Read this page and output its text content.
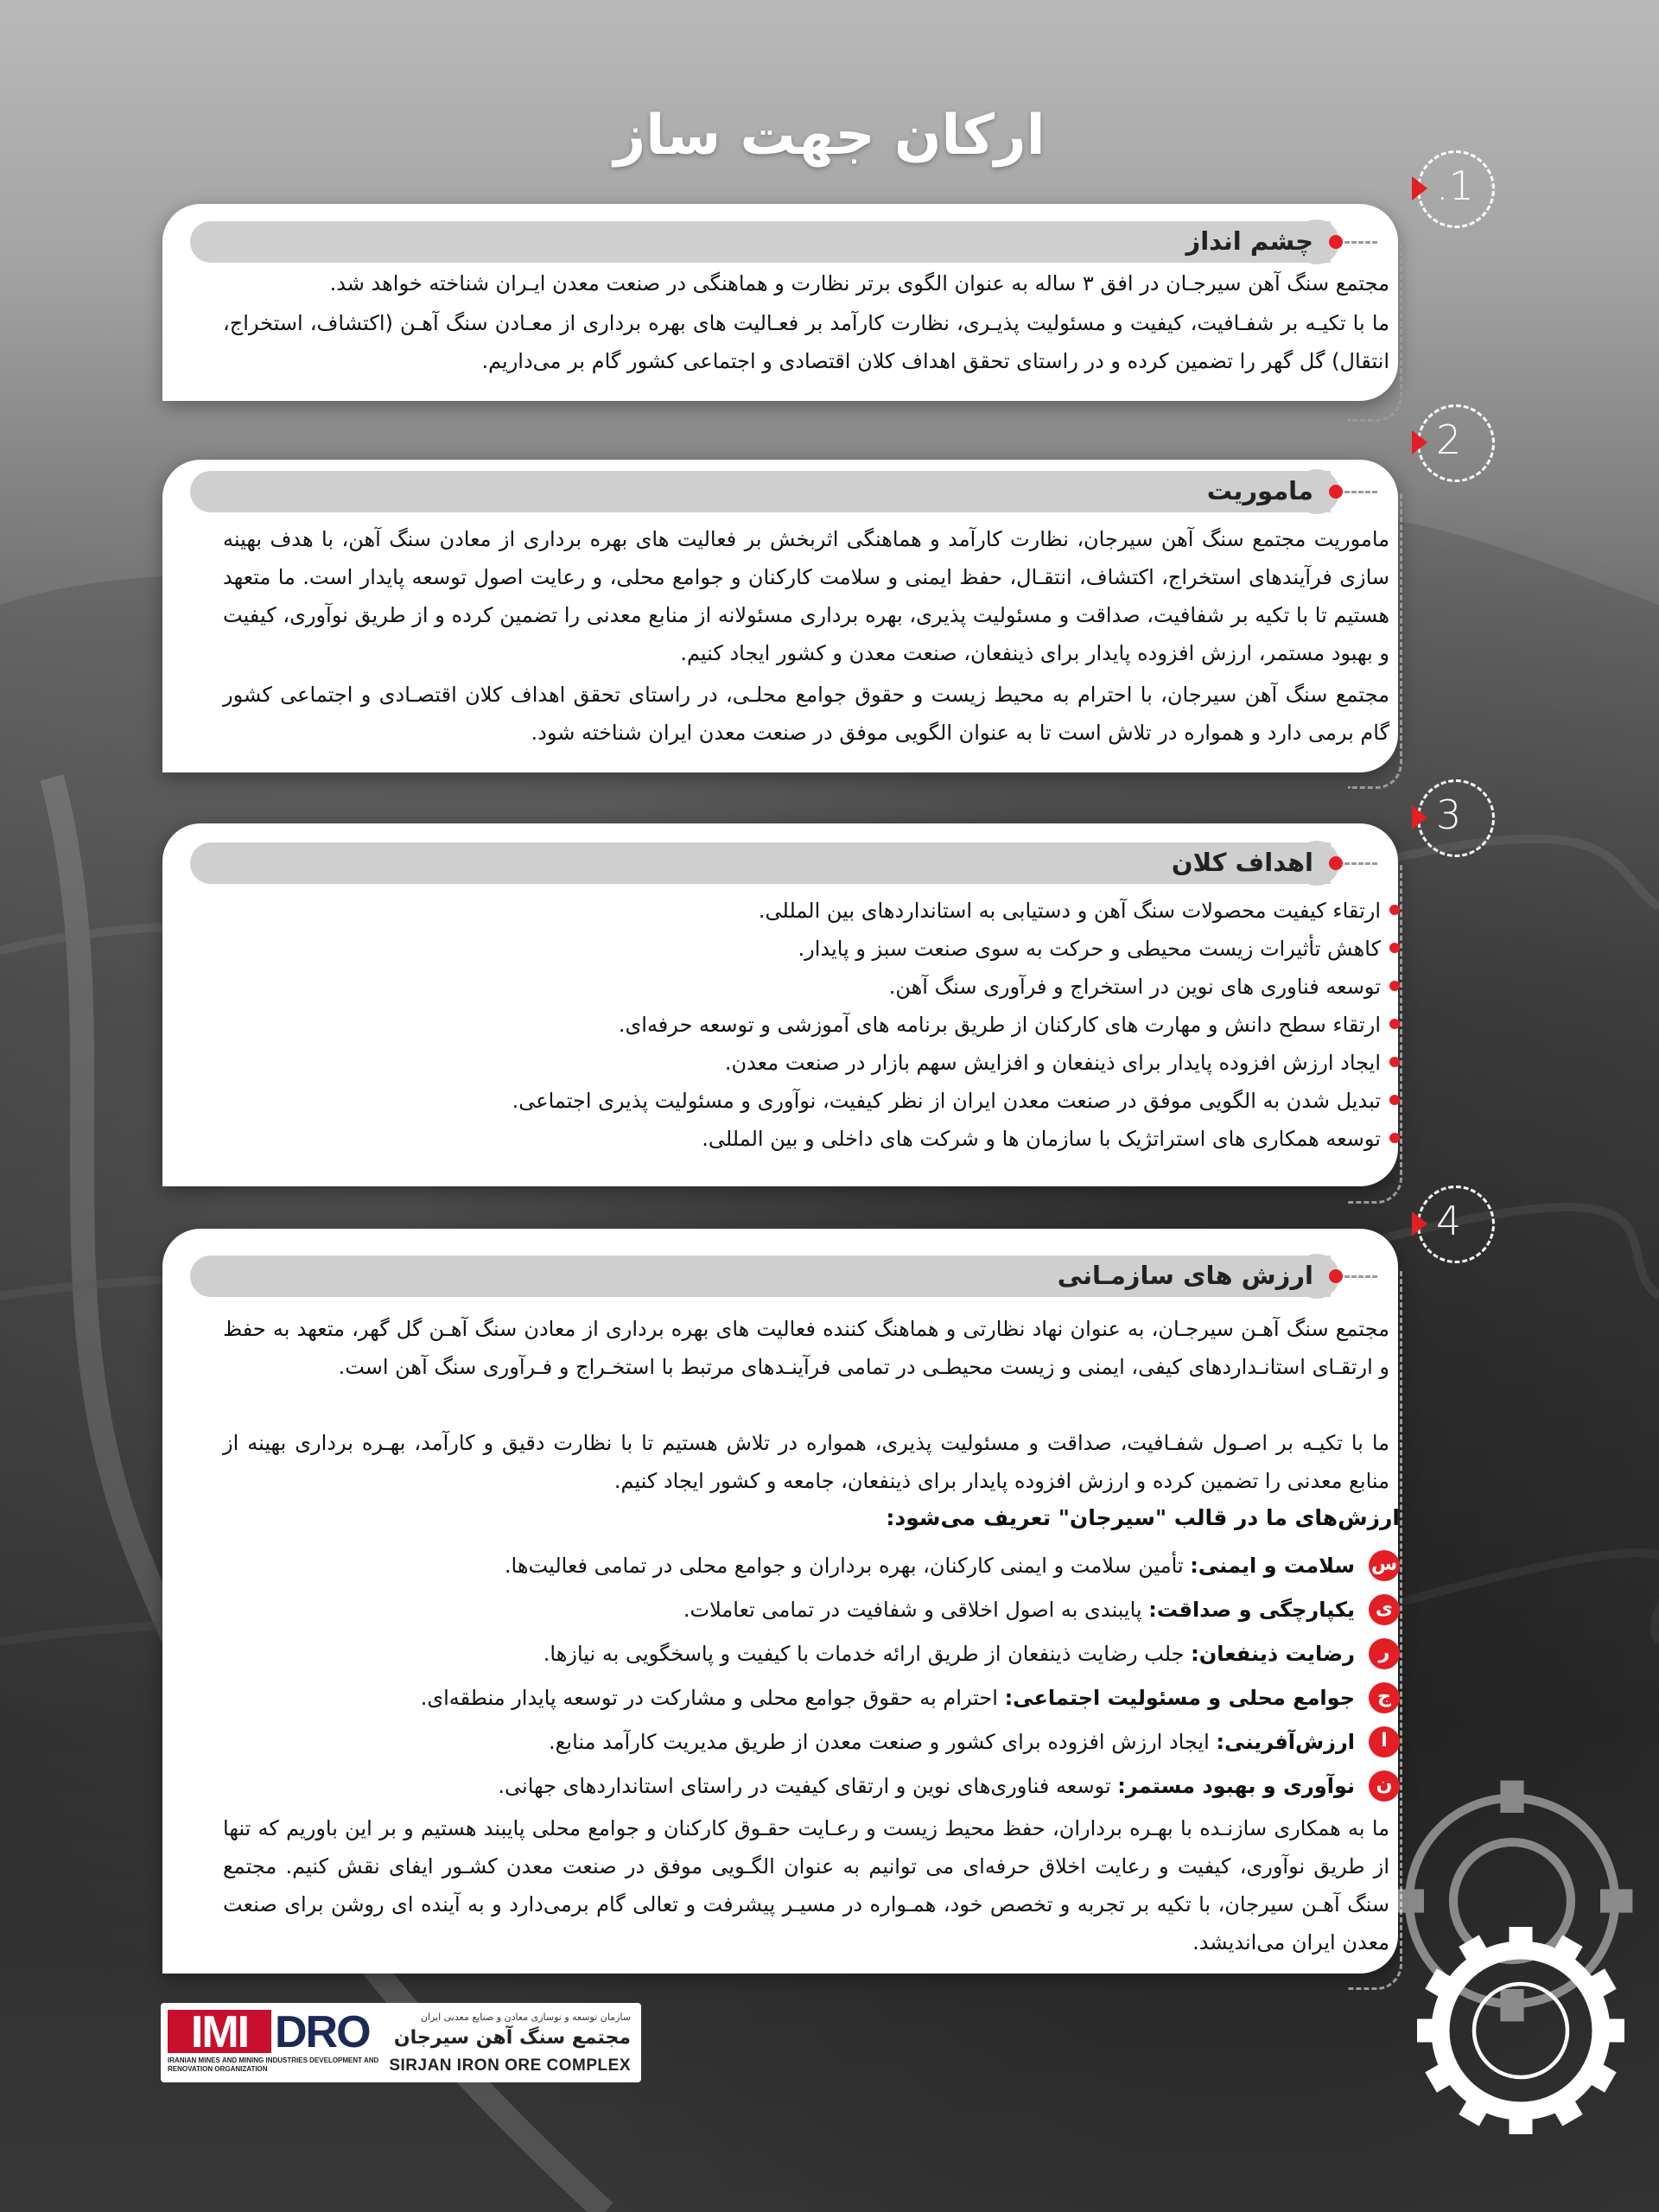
ارکان جهت ساز
.1
چشم انداز

مجتمع سنگ آهن سیرجـان در افق ۳ ساله به عنوان الگوی برتر نظارت و هماهنگی در صنعت معدن ایـران شناخته خواهد شد.

ما با تکیـه بر شفـافیت، کیفیت و مسئولیت پذیـری، نظارت کارآمد بر فعـالیت های بهره برداری از معـادن سنگ آهـن (اکتشاف، استخراج، انتقال) گل گهر را تضمین کرده و در راستای تحقق اهداف کلان اقتصادی و اجتماعی کشور گام بر می‌داریم.

2
ماموریت

ماموریت مجتمع سنگ آهن سیرجان، نظارت کارآمد و هماهنگی اثربخش بر فعالیت های بهره برداری از معادن سنگ آهن، با هدف بهینه سازی فرآیندهای استخراج، اکتشاف، انتقـال، حفظ ایمنی و سلامت کارکنان و جوامع محلی، و رعایت اصول توسعه پایدار است. ما متعهد هستیم تا با تکیه بر شفافیت، صداقت و مسئولیت پذیری، بهره برداری مسئولانه از منابع معدنی را تضمین کرده و از طریق نوآوری، کیفیت و بهبود مستمر، ارزش افزوده پایدار برای ذینفعان، صنعت معدن و کشور ایجاد کنیم.

مجتمع سنگ آهن سیرجان، با احترام به محیط زیست و حقوق جوامع محلـی، در راستای تحقق اهداف کلان اقتصـادی و اجتماعی کشور گام برمی دارد و همواره در تلاش است تا به عنوان الگویی موفق در صنعت معدن ایران شناخته شود.

3
اهداف کلان
ارتقاء کیفیت محصولات سنگ آهن و دستیابی به استانداردهای بین المللی.
کاهش تأثیرات زیست محیطی و حرکت به سوی صنعت سبز و پایدار.
توسعه فناوری های نوین در استخراج و فرآوری سنگ آهن.
ارتقاء سطح دانش و مهارت های کارکنان از طریق برنامه های آموزشی و توسعه حرفه‌ای.
ایجاد ارزش افزوده پایدار برای ذینفعان و افزایش سهم بازار در صنعت معدن.
تبدیل شدن به الگویی موفق در صنعت معدن ایران از نظر کیفیت، نوآوری و مسئولیت پذیری اجتماعی.
توسعه همکاری های استراتژیک با سازمان ها و شرکت های داخلی و بین المللی.
4
ارزش های سازمـانی

مجتمع سنگ آهـن سیرجـان، به عنوان نهاد نظارتی و هماهنگ کننده فعالیت های بهره برداری از معادن سنگ آهـن گل گهر، متعهد به حفظ و ارتقـای استانـداردهای کیفی، ایمنی و زیست محیطـی در تمامی فرآینـدهای مرتبط با استخـراج و فـرآوری سنگ آهن است.

ما با تکیـه بر اصـول شفـافیت، صداقت و مسئولیت پذیری، همواره در تلاش هستیم تا با نظارت دقیق و کارآمد، بهـره برداری بهینه از منابع معدنی را تضمین کرده و ارزش افزوده پایدار برای ذینفعان، جامعه و کشور ایجاد کنیم.

ارزش‌های ما در قالب "سیرجان" تعریف می‌شود:
س
سلامت و ایمنی: تأمین سلامت و ایمنی کارکنان، بهره برداران و جوامع محلی در تمامی فعالیت‌ها.
ی
یکپارچگی و صداقت: پایبندی به اصول اخلاقی و شفافیت در تمامی تعاملات.
ر
رضایت ذینفعان: جلب رضایت ذینفعان از طریق ارائه خدمات با کیفیت و پاسخگویی به نیازها.
ج
جوامع محلی و مسئولیت اجتماعی: احترام به حقوق جوامع محلی و مشارکت در توسعه پایدار منطقه‌ای.
ا
ارزش‌آفرینی: ایجاد ارزش افزوده برای کشور و صنعت معدن از طریق مدیریت کارآمد منابع.
ن
نوآوری و بهبود مستمر: توسعه فناوری‌های نوین و ارتقای کیفیت در راستای استانداردهای جهانی.

ما به همکاری سازنـده با بهـره برداران، حفظ محیط زیست و رعـایت حقـوق کارکنان و جوامع محلی پایبند هستیم و بر این باوریم که تنها از طریق نوآوری، کیفیت و رعایت اخلاق حرفه‌ای می توانیم به عنوان الگـویی موفق در صنعت معدن کشـور ایفای نقش کنیم. مجتمع سنگ آهـن سیرجان، با تکیه بر تجربه و تخصص خود، همـواره در مسیـر پیشرفت و تعالی گام برمی‌دارد و به آینده ای روشن برای صنعت معدن ایران می‌اندیشد.

IMI DRO
IRANIAN MINES AND MINING INDUSTRIES DEVELOPMENT AND RENOVATION ORGANIZATION
سازمان توسعه و نوسازی معادن و صنایع معدنی ایران
مجتمع سنگ آهن سیرجان
SIRJAN IRON ORE COMPLEX
